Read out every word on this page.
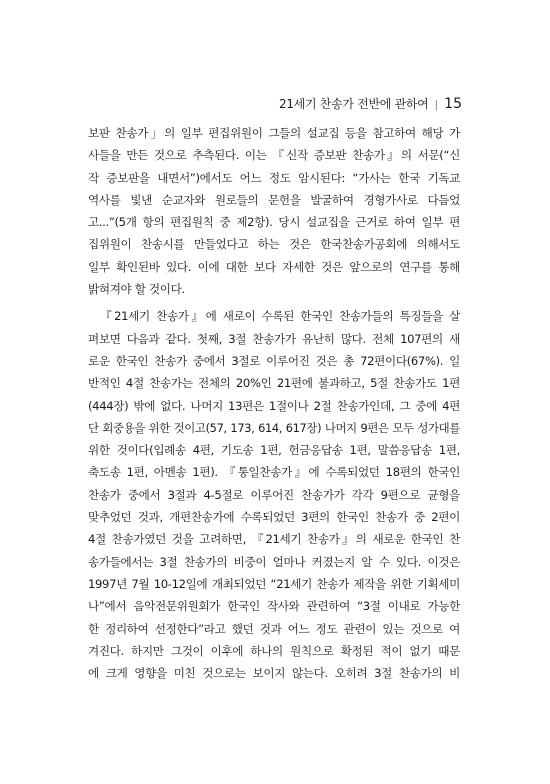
21세기 찬송가 전반에 관하여 | 15
보판 찬송가」의 일부 편집위원이 그들의 설교집 등을 참고하여 해당 가
사들을 만든 것으로 추측된다. 이는 『신작 증보판 찬송가』의 서문(“신
작 증보판을 내면서”)에서도 어느 정도 암시된다: “가사는 한국 기독교
역사를 빛낸 순교자와 원로들의 문헌을 발굴하여 경형가사로 다듬었
고...”(5개 항의 편집원칙 중 제2항). 당시 설교집을 근거로 하여 일부 편
집위원이 찬송시를 만들었다고 하는 것은 한국찬송가공회에 의해서도
일부 확인된바 있다. 이에 대한 보다 자세한 것은 앞으로의 연구를 통해
밝혀져야 할 것이다.
『21세기 찬송가』에 새로이 수록된 한국인 찬송가들의 특징들을 살
펴보면 다음과 같다. 첫째, 3절 찬송가가 유난히 많다. 전체 107편의 새
로운 한국인 찬송가 중에서 3절로 이루어진 것은 총 72편이다(67%). 일
반적인 4절 찬송가는 전체의 20%인 21편에 불과하고, 5절 찬송가도 1편
(444장) 밖에 없다. 나머지 13편은 1절이나 2절 찬송가인데, 그 중에 4편
단 회중용을 위한 것이고(57, 173, 614, 617장) 나머지 9편은 모두 성가대를
위한 것이다(입례송 4편, 기도송 1편, 헌금응답송 1편, 말씀응답송 1편,
축도송 1편, 아멘송 1편). 『통일찬송가』에 수록되었던 18편의 한국인
찬송가 중에서 3절과 4-5절로 이루어진 찬송가가 각각 9편으로 균형을
맞추었던 것과, 개편찬송가에 수록되었던 3편의 한국인 찬송가 중 2편이
4절 찬송가였던 것을 고려하면, 『21세기 찬송가』의 새로운 한국인 찬
송가들에서는 3절 찬송가의 비중이 얼마나 커졌는지 알 수 있다. 이것은
1997년 7월 10-12일에 개최되었던 “21세기 찬송가 제작을 위한 기획세미
나”에서 음악전문위원회가 한국인 작사와 관련하여 “3절 이내로 가능한
한 정리하여 선정한다”라고 했던 것과 어느 정도 관련이 있는 것으로 여
겨진다. 하지만 그것이 이후에 하나의 원칙으로 확정된 적이 없기 때문
에 크게 영향을 미친 것으로는 보이지 않는다. 오히려 3절 찬송가의 비
